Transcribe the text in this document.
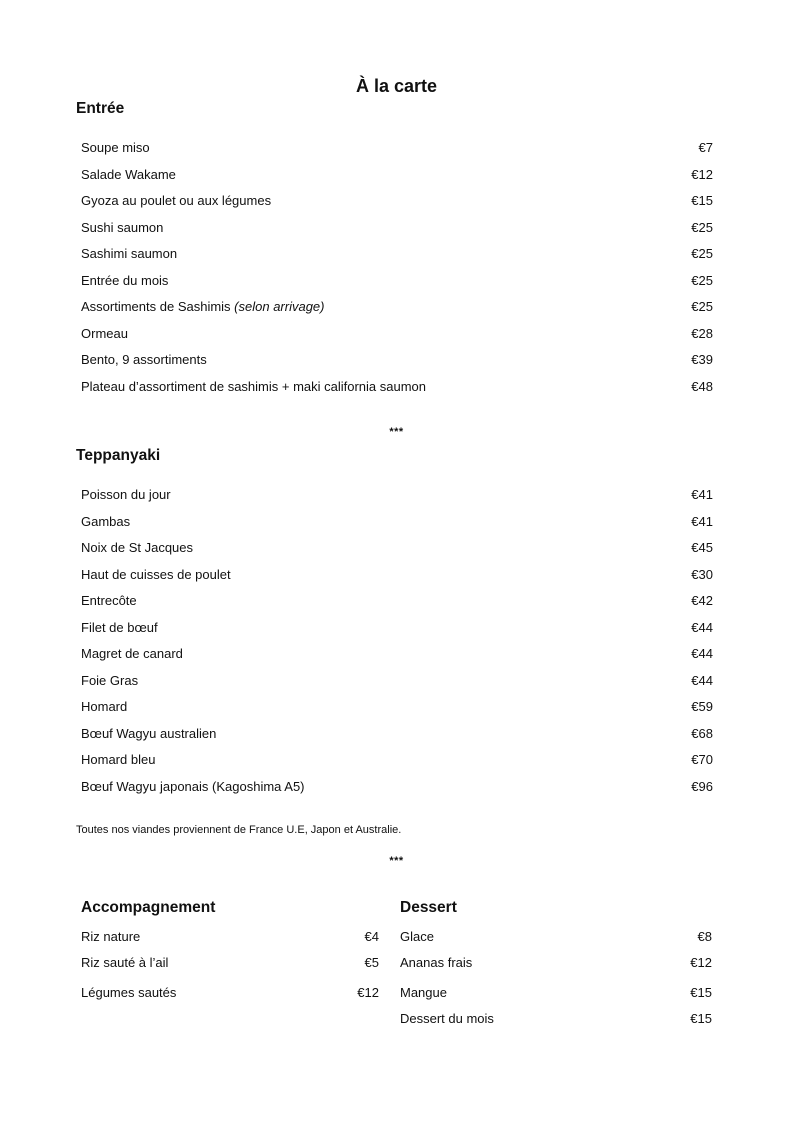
À la carte
Entrée
Soupe miso	€7
Salade Wakame	€12
Gyoza au poulet ou aux légumes	€15
Sushi saumon	€25
Sashimi saumon	€25
Entrée du mois	€25
Assortiments de Sashimis (selon arrivage)	€25
Ormeau	€28
Bento, 9 assortiments	€39
Plateau d’assortiment de sashimis + maki california saumon	€48
***
Teppanyaki
Poisson du jour	€41
Gambas	€41
Noix de St Jacques	€45
Haut de cuisses de poulet	€30
Entrecôte	€42
Filet de bœuf	€44
Magret de canard	€44
Foie Gras	€44
Homard	€59
Bœuf Wagyu australien	€68
Homard bleu	€70
Bœuf Wagyu japonais (Kagoshima A5)	€96

Toutes nos viandes proviennent de France U.E, Japon et Australie.

***
Accompagnement
Riz nature	€4
Riz sauté à l’ail	€5
Légumes sautés	€12
Dessert
Glace	€8
Ananas frais	€12
Mangue	€15
Dessert du mois	€15
